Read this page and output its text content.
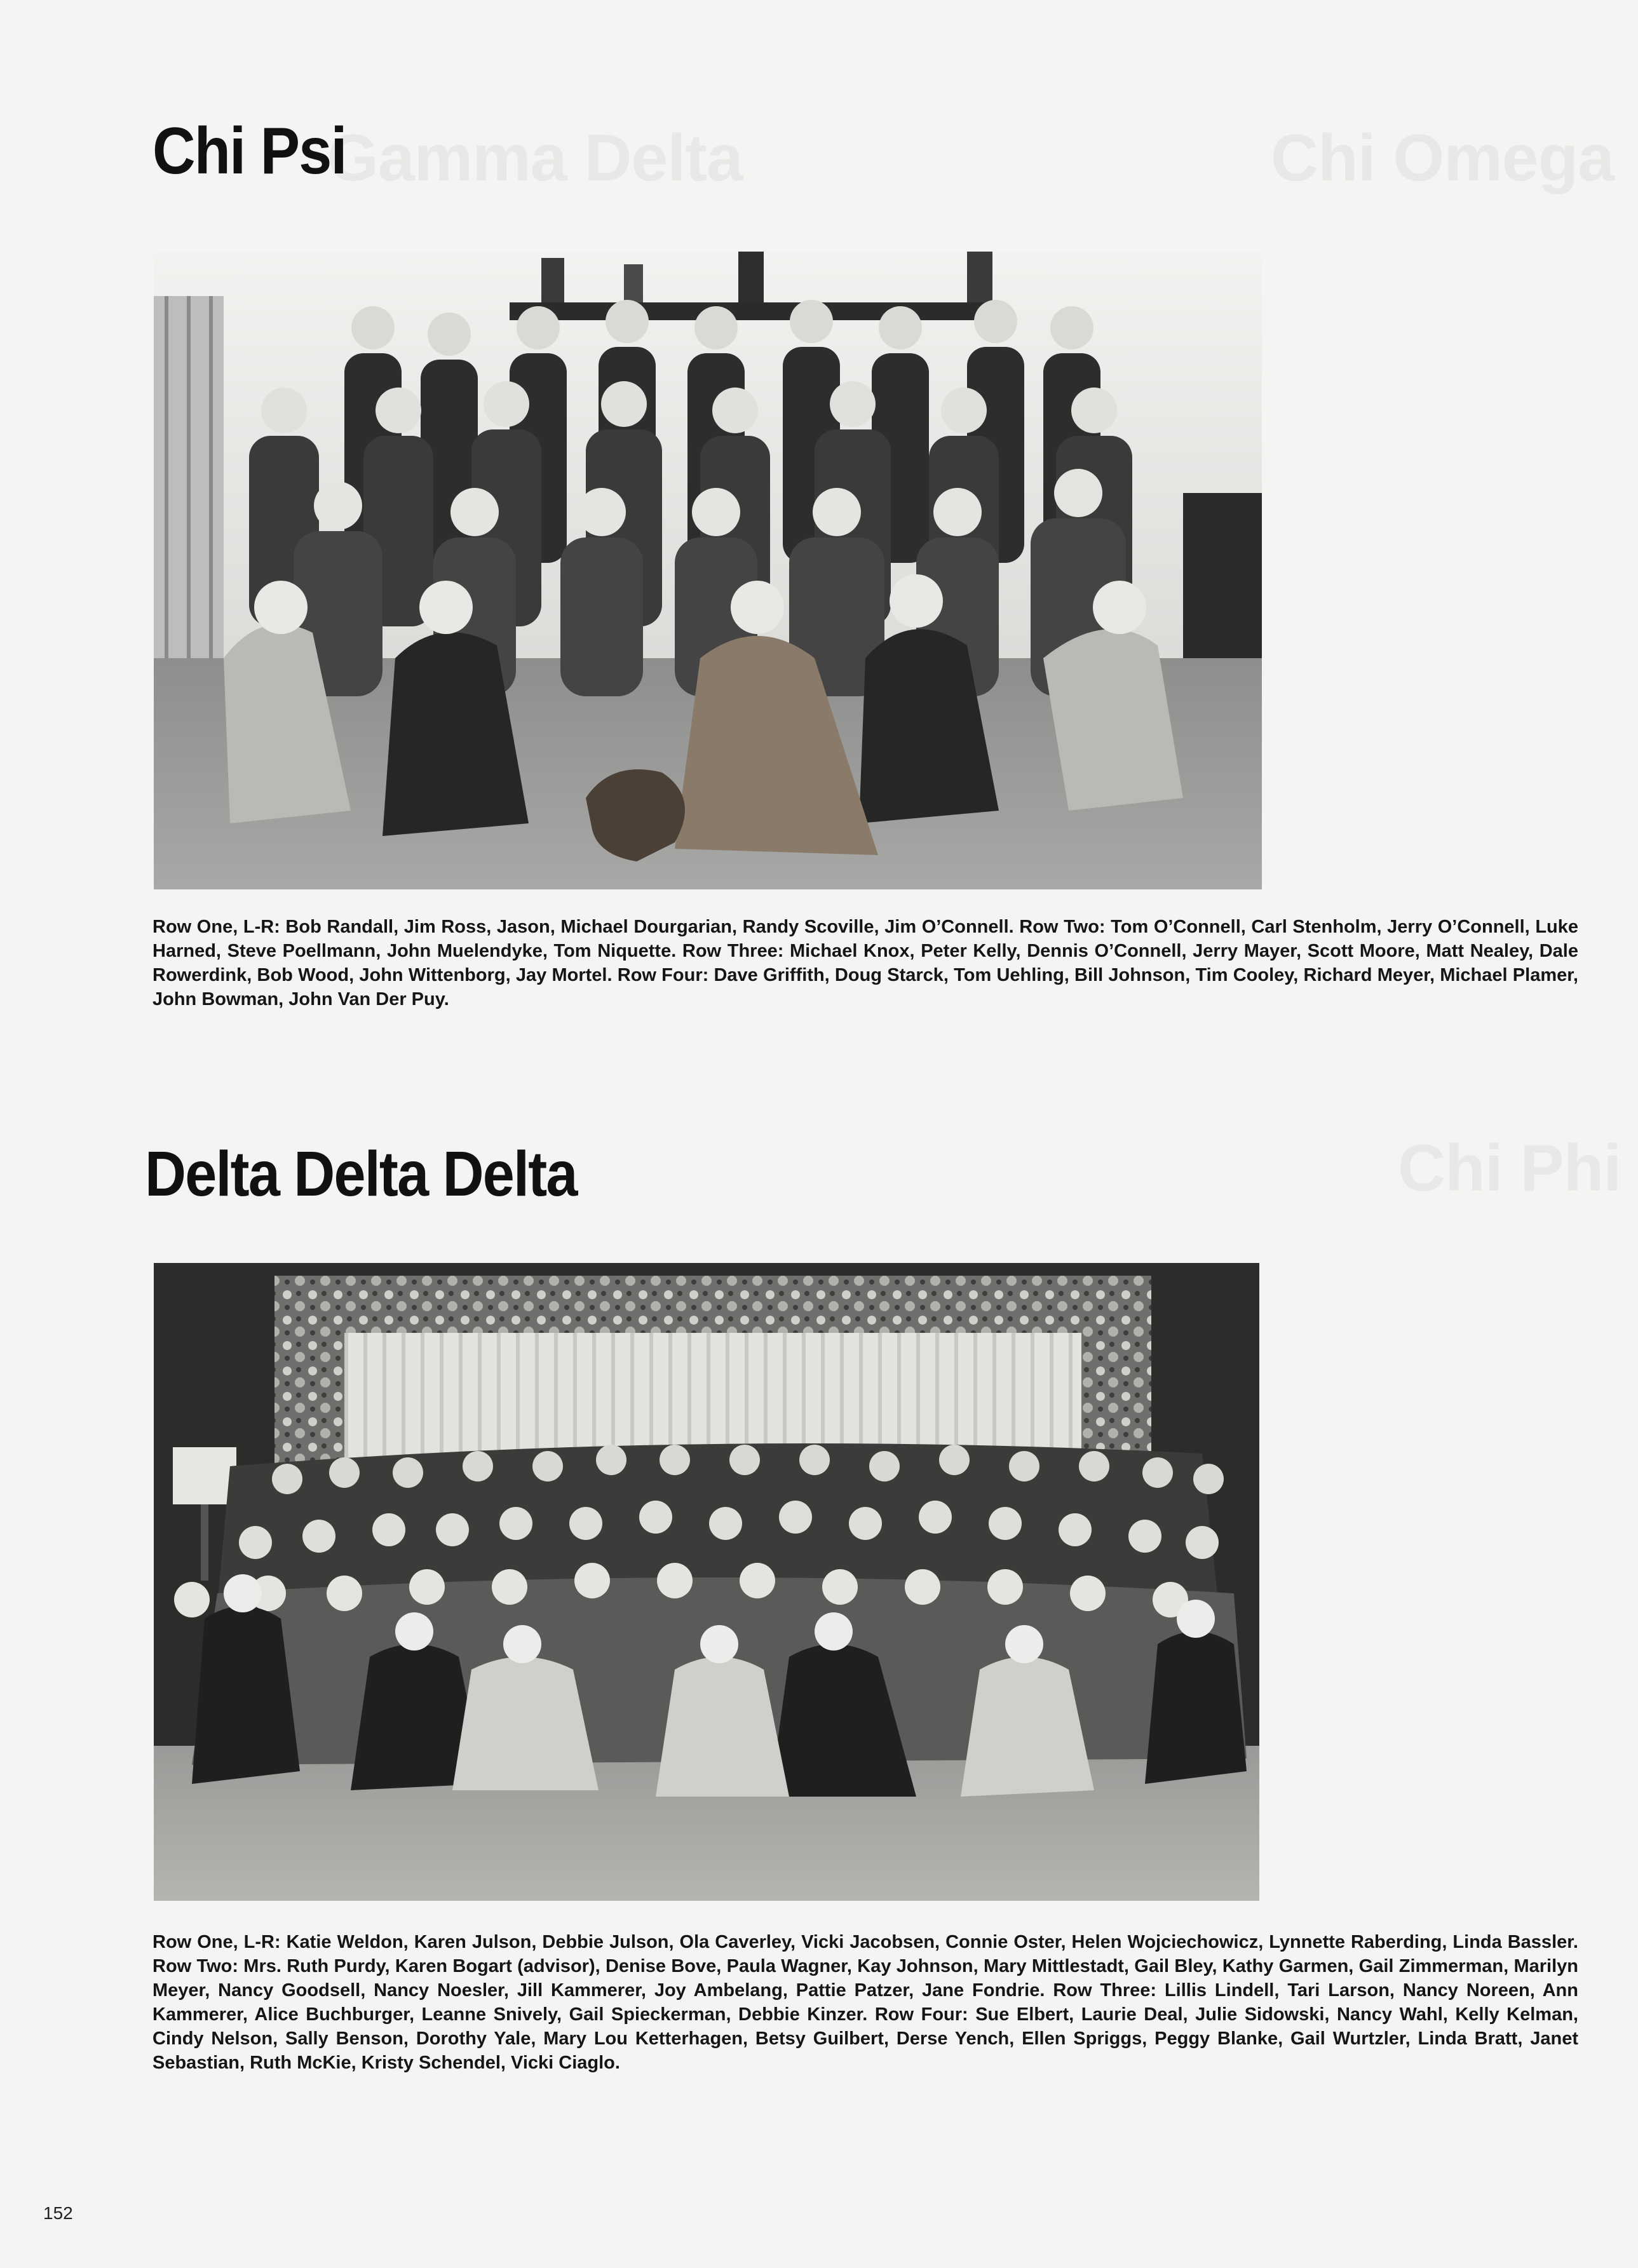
Gamma Delta	Chi Omega
Chi Phi
Chi Psi

Row One, L-R: Bob Randall, Jim Ross, Jason, Michael Dourgarian, Randy Scoville, Jim O’Connell. Row Two: Tom O’Connell, Carl Stenholm, Jerry O’Connell, Luke Harned, Steve Poellmann, John Muelendyke, Tom Niquette. Row Three: Michael Knox, Peter Kelly, Dennis O’Connell, Jerry Mayer, Scott Moore, Matt Nealey, Dale Rowerdink, Bob Wood, John Wittenborg, Jay Mortel. Row Four: Dave Griffith, Doug Starck, Tom Uehling, Bill Johnson, Tim Cooley, Richard Meyer, Michael Plamer, John Bowman, John Van Der Puy.

Delta Delta Delta

Row One, L-R: Katie Weldon, Karen Julson, Debbie Julson, Ola Caverley, Vicki Jacobsen, Connie Oster, Helen Wojciechowicz, Lynnette Raberding, Linda Bassler. Row Two: Mrs. Ruth Purdy, Karen Bogart (advisor), Denise Bove, Paula Wagner, Kay Johnson, Mary Mittlestadt, Gail Bley, Kathy Garmen, Gail Zimmerman, Marilyn Meyer, Nancy Goodsell, Nancy Noesler, Jill Kammerer, Joy Ambelang, Pattie Patzer, Jane Fondrie. Row Three: Lillis Lindell, Tari Larson, Nancy Noreen, Ann Kammerer, Alice Buchburger, Leanne Snively, Gail Spieckerman, Debbie Kinzer. Row Four: Sue Elbert, Laurie Deal, Julie Sidowski, Nancy Wahl, Kelly Kelman, Cindy Nelson, Sally Benson, Dorothy Yale, Mary Lou Ketterhagen, Betsy Guilbert, Derse Yench, Ellen Spriggs, Peggy Blanke, Gail Wurtzler, Linda Bratt, Janet Sebastian, Ruth McKie, Kristy Schendel, Vicki Ciaglo.

152
